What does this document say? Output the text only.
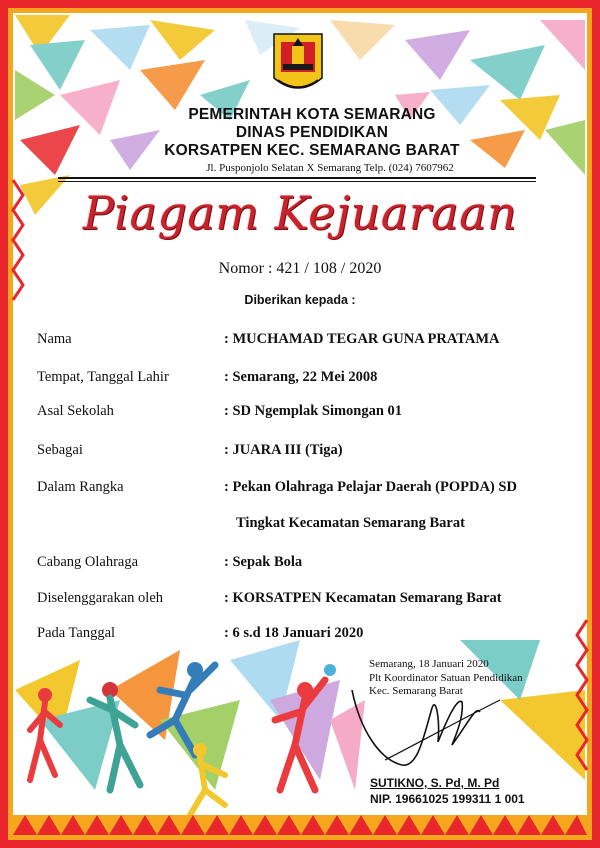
PEMERINTAH KOTA SEMARANG
DINAS PENDIDIKAN
KORSATPEN KEC. SEMARANG BARAT
Jl. Pusponjolo Selatan X Semarang Telp. (024) 7607962
Piagam Kejuaraan
Nomor : 421 / 108 / 2020
Diberikan kepada :
Nama	: MUCHAMAD TEGAR GUNA PRATAMA
Tempat, Tanggal Lahir	: Semarang, 22 Mei 2008
Asal Sekolah	: SD Ngemplak Simongan 01
Sebagai	: JUARA III (Tiga)
Dalam Rangka	: Pekan Olahraga Pelajar Daerah (POPDA) SD
Tingkat Kecamatan Semarang Barat
Cabang Olahraga	: Sepak Bola
Diselenggarakan oleh	: KORSATPEN Kecamatan Semarang Barat
Pada Tanggal	: 6 s.d 18 Januari 2020
Semarang, 18 Januari 2020
Plt Koordinator Satuan Pendidikan
Kec. Semarang Barat
SUTIKNO, S. Pd, M. Pd
NIP. 19661025 199311 1 001
